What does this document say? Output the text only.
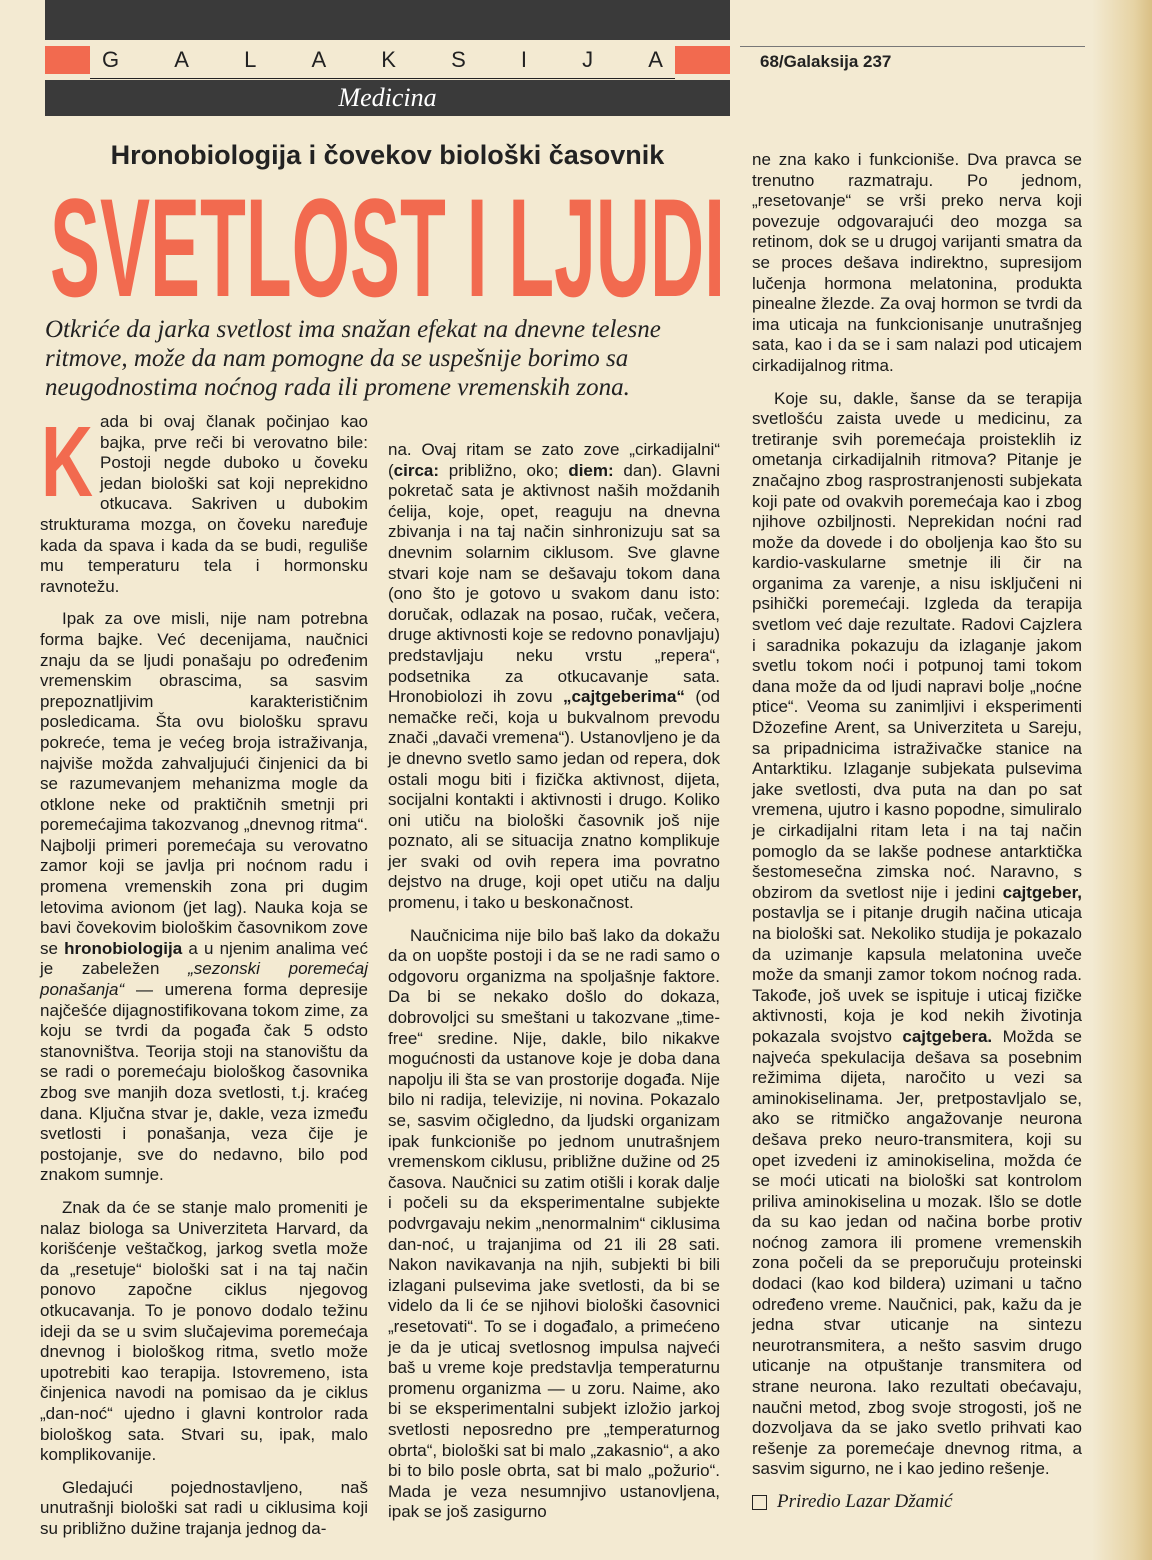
G	A	L	A	K	S	I	J	A	68/Galaksija 237
Medicina
Hronobiologija i čovekov biološki časovnik
SVETLOST I LJUDI
Otkriće da jarka svetlost ima snažan efekat na dnevne telesne ritmove, može da nam pomogne da se uspešnije borimo sa neugodnostima noćnog rada ili promene vremenskih zona.

K ada bi ovaj članak počinjao kao bajka, prve reči bi verovatno bile: Postoji negde duboko u čoveku jedan biološki sat koji neprekidno otkucava. Sakriven u dubokim strukturama mozga, on čoveku naređuje kada da spava i kada da se budi, reguliše mu temperaturu tela i hormonsku ravnotežu.

Ipak za ove misli, nije nam potrebna forma bajke. Već decenijama, naučnici znaju da se ljudi ponašaju po određenim vremenskim obrascima, sa sasvim prepoznatljivim karakterističnim posledicama. Šta ovu biološku spravu pokreće, tema je većeg broja istraživanja, najviše možda zahvaljujući činjenici da bi se razumevanjem mehanizma mogle da otklone neke od praktičnih smetnji pri poremećajima takozvanog „dnevnog ritma“. Najbolji primeri poremećaja su verovatno zamor koji se javlja pri noćnom radu i promena vremenskih zona pri dugim letovima avionom (jet lag). Nauka koja se bavi čovekovim biološkim časovnikom zove se hronobiologija a u njenim analima već je zabeležen „sezonski poremećaj ponašanja“ — umerena forma depresije najčešće dijagnostifikovana tokom zime, za koju se tvrdi da pogađa čak 5 odsto stanovništva. Teorija stoji na stanovištu da se radi o poremećaju biološkog časovnika zbog sve manjih doza svetlosti, t.j. kraćeg dana. Ključna stvar je, dakle, veza između svetlosti i ponašanja, veza čije je postojanje, sve do nedavno, bilo pod znakom sumnje.

Znak da će se stanje malo promeniti je nalaz biologa sa Univerziteta Harvard, da korišćenje veštačkog, jarkog svetla može da „resetuje“ biološki sat i na taj način ponovo započne ciklus njegovog otkucavanja. To je ponovo dodalo težinu ideji da se u svim slučajevima poremećaja dnevnog i biološkog ritma, svetlo može upotrebiti kao terapija. Istovremeno, ista činjenica navodi na pomisao da je ciklus „dan-noć“ ujedno i glavni kontrolor rada biološkog sata. Stvari su, ipak, malo komplikovanije.

Gledajući pojednostavljeno, naš unutrašnji biološki sat radi u ciklusima koji su približno dužine trajanja jednog da-

na. Ovaj ritam se zato zove „cirkadijalni“ (circa: približno, oko; diem: dan). Glavni pokretač sata je aktivnost naših moždanih ćelija, koje, opet, reaguju na dnevna zbivanja i na taj način sinhronizuju sat sa dnevnim solarnim ciklusom. Sve glavne stvari koje nam se dešavaju tokom dana (ono što je gotovo u svakom danu isto: doručak, odlazak na posao, ručak, večera, druge aktivnosti koje se redovno ponavljaju) predstavljaju neku vrstu „repera“, podsetnika za otkucavanje sata. Hronobiolozi ih zovu „cajtgeberima“ (od nemačke reči, koja u bukvalnom prevodu znači „davači vremena“). Ustanovljeno je da je dnevno svetlo samo jedan od repera, dok ostali mogu biti i fizička aktivnost, dijeta, socijalni kontakti i aktivnosti i drugo. Koliko oni utiču na biološki časovnik još nije poznato, ali se situacija znatno komplikuje jer svaki od ovih repera ima povratno dejstvo na druge, koji opet utiču na dalju promenu, i tako u beskonačnost.

Naučnicima nije bilo baš lako da dokažu da on uopšte postoji i da se ne radi samo o odgovoru organizma na spoljašnje faktore. Da bi se nekako došlo do dokaza, dobrovoljci su smeštani u takozvane „time-free“ sredine. Nije, dakle, bilo nikakve mogućnosti da ustanove koje je doba dana napolju ili šta se van prostorije događa. Nije bilo ni radija, televizije, ni novina. Pokazalo se, sasvim očigledno, da ljudski organizam ipak funkcioniše po jednom unutrašnjem vremenskom ciklusu, približne dužine od 25 časova. Naučnici su zatim otišli i korak dalje i počeli su da eksperimentalne subjekte podvrgavaju nekim „nenormalnim“ ciklusima dan-noć, u trajanjima od 21 ili 28 sati. Nakon navikavanja na njih, subjekti bi bili izlagani pulsevima jake svetlosti, da bi se videlo da li će se njihovi biološki časovnici „resetovati“. To se i događalo, a primećeno je da je uticaj svetlosnog impulsa najveći baš u vreme koje predstavlja temperaturnu promenu organizma — u zoru. Naime, ako bi se eksperimentalni subjekt izložio jarkoj svetlosti neposredno pre „temperaturnog obrta“, biološki sat bi malo „zakasnio“, a ako bi to bilo posle obrta, sat bi malo „požurio“. Mada je veza nesumnjivo ustanovljena, ipak se još zasigurno

ne zna kako i funkcioniše. Dva pravca se trenutno razmatraju. Po jednom, „resetovanje“ se vrši preko nerva koji povezuje odgovarajući deo mozga sa retinom, dok se u drugoj varijanti smatra da se proces dešava indirektno, supresijom lučenja hormona melatonina, produkta pinealne žlezde. Za ovaj hormon se tvrdi da ima uticaja na funkcionisanje unutrašnjeg sata, kao i da se i sam nalazi pod uticajem cirkadijalnog ritma.

Koje su, dakle, šanse da se terapija svetlošću zaista uvede u medicinu, za tretiranje svih poremećaja proisteklih iz ometanja cirkadijalnih ritmova? Pitanje je značajno zbog rasprostranjenosti subjekata koji pate od ovakvih poremećaja kao i zbog njihove ozbiljnosti. Neprekidan noćni rad može da dovede i do oboljenja kao što su kardio-vaskularne smetnje ili čir na organima za varenje, a nisu isključeni ni psihički poremećaji. Izgleda da terapija svetlom već daje rezultate. Radovi Cajzlera i saradnika pokazuju da izlaganje jakom svetlu tokom noći i potpunoj tami tokom dana može da od ljudi napravi bolje „noćne ptice“. Veoma su zanimljivi i eksperimenti Džozefine Arent, sa Univerziteta u Sareju, sa pripadnicima istraživačke stanice na Antarktiku. Izlaganje subjekata pulsevima jake svetlosti, dva puta na dan po sat vremena, ujutro i kasno popodne, simuliralo je cirkadijalni ritam leta i na taj način pomoglo da se lakše podnese antarktička šestomesečna zimska noć. Naravno, s obzirom da svetlost nije i jedini cajtgeber, postavlja se i pitanje drugih načina uticaja na biološki sat. Nekoliko studija je pokazalo da uzimanje kapsula melatonina uveče može da smanji zamor tokom noćnog rada. Takođe, još uvek se ispituje i uticaj fizičke aktivnosti, koja je kod nekih životinja pokazala svojstvo cajtgebera. Možda se najveća spekulacija dešava sa posebnim režimima dijeta, naročito u vezi sa aminokiselinama. Jer, pretpostavljalo se, ako se ritmičko angažovanje neurona dešava preko neuro-transmitera, koji su opet izvedeni iz aminokiselina, možda će se moći uticati na biološki sat kontrolom priliva aminokiselina u mozak. Išlo se dotle da su kao jedan od načina borbe protiv noćnog zamora ili promene vremenskih zona počeli da se preporučuju proteinski dodaci (kao kod bildera) uzimani u tačno određeno vreme. Naučnici, pak, kažu da je jedna stvar uticanje na sintezu neurotransmitera, a nešto sasvim drugo uticanje na otpuštanje transmitera od strane neurona. Iako rezultati obećavaju, naučni metod, zbog svoje strogosti, još ne dozvoljava da se jako svetlo prihvati kao rešenje za poremećaje dnevnog ritma, a sasvim sigurno, ne i kao jedino rešenje.

Priredio Lazar Džamić
